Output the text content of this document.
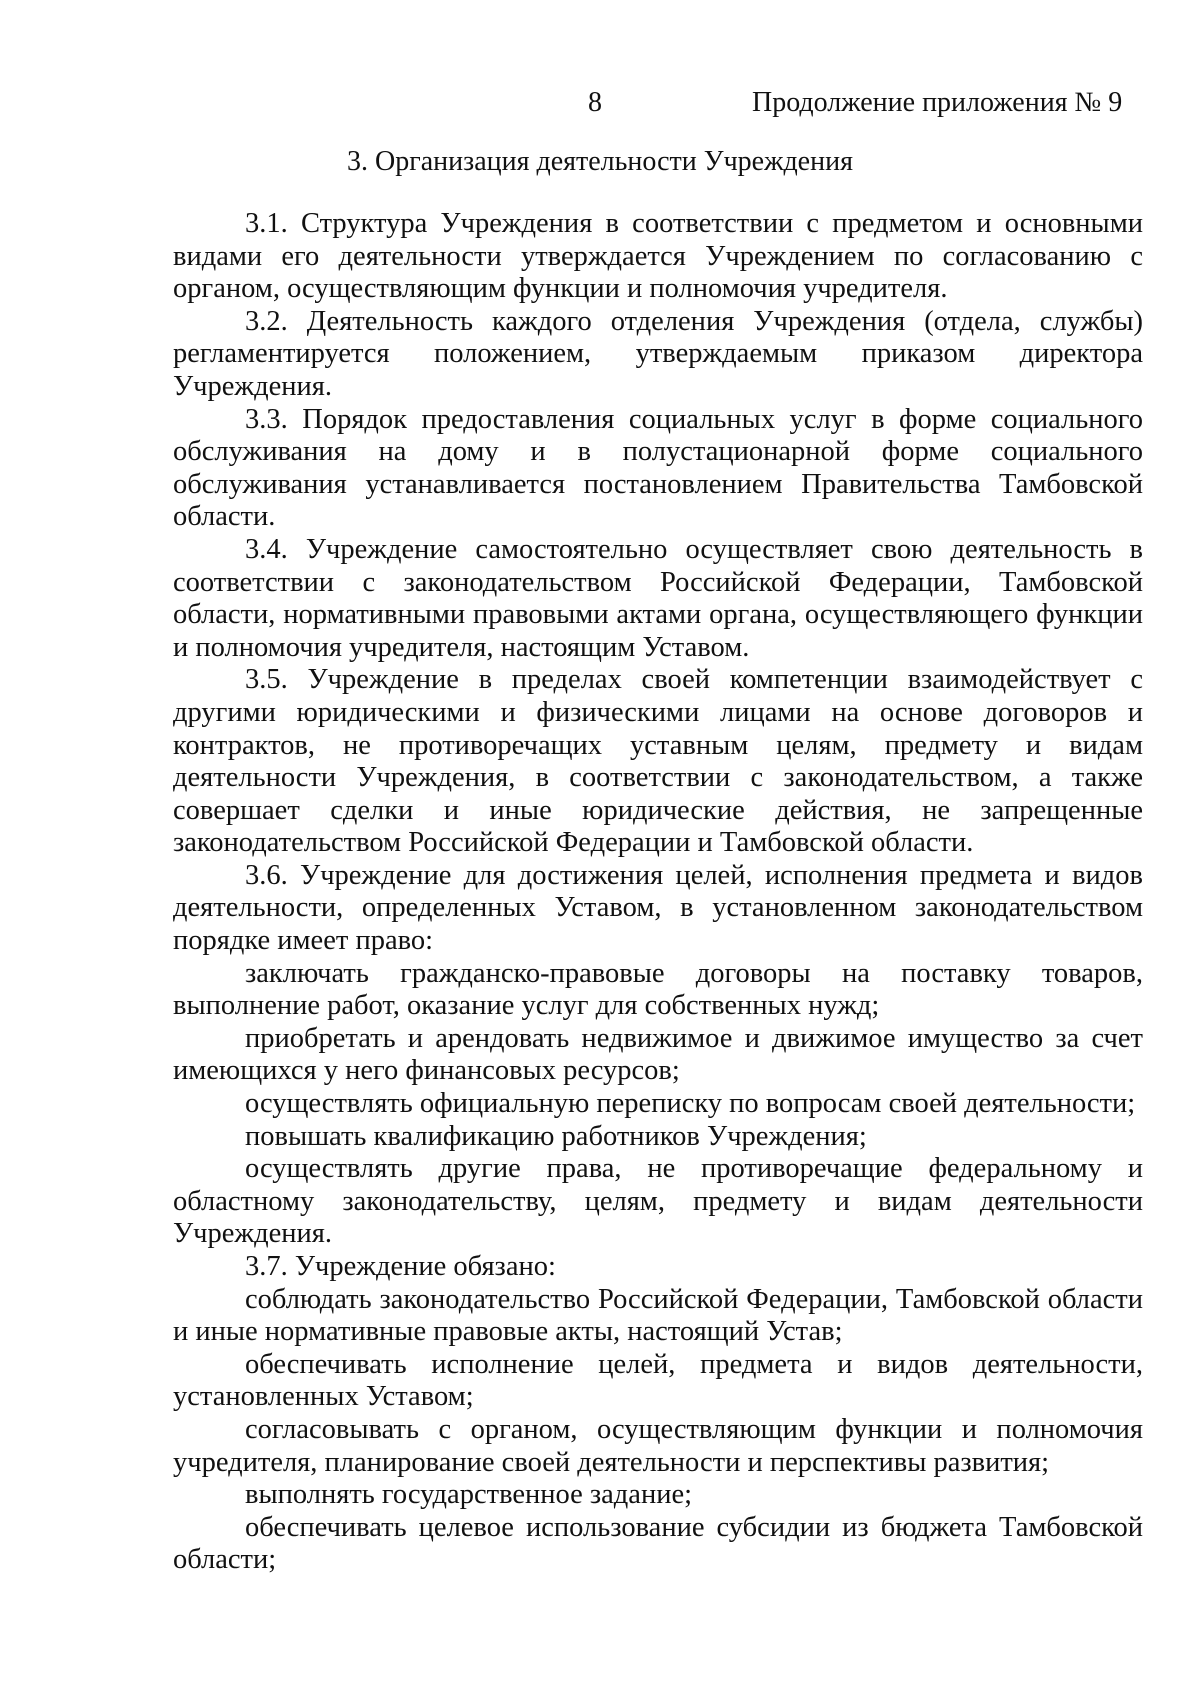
8	Продолжение приложения № 9
3. Организация деятельности Учреждения

3.1. Структура Учреждения в соответствии с предметом и основными видами его деятельности утверждается Учреждением по согласованию с органом, осуществляющим функции и полномочия учредителя.

3.2. Деятельность каждого отделения Учреждения (отдела, службы) регламентируется положением, утверждаемым приказом директора Учреждения.

3.3. Порядок предоставления социальных услуг в форме социального обслуживания на дому и в полустационарной форме социального обслуживания устанавливается постановлением Правительства Тамбовской области.

3.4. Учреждение самостоятельно осуществляет свою деятельность в соответствии с законодательством Российской Федерации, Тамбовской области, нормативными правовыми актами органа, осуществляющего функции и полномочия учредителя, настоящим Уставом.

3.5. Учреждение в пределах своей компетенции взаимодействует с другими юридическими и физическими лицами на основе договоров и контрактов, не противоречащих уставным целям, предмету и видам деятельности Учреждения, в соответствии с законодательством, а также совершает сделки и иные юридические действия, не запрещенные законодательством Российской Федерации и Тамбовской области.

3.6. Учреждение для достижения целей, исполнения предмета и видов деятельности, определенных Уставом, в установленном законодательством порядке имеет право:

заключать гражданско-правовые договоры на поставку товаров, выполнение работ, оказание услуг для собственных нужд;

приобретать и арендовать недвижимое и движимое имущество за счет имеющихся у него финансовых ресурсов;

осуществлять официальную переписку по вопросам своей деятельности;

повышать квалификацию работников Учреждения;

осуществлять другие права, не противоречащие федеральному и областному законодательству, целям, предмету и видам деятельности Учреждения.

3.7. Учреждение обязано:

соблюдать законодательство Российской Федерации, Тамбовской области и иные нормативные правовые акты, настоящий Устав;

обеспечивать исполнение целей, предмета и видов деятельности, установленных Уставом;

согласовывать с органом, осуществляющим функции и полномочия учредителя, планирование своей деятельности и перспективы развития;

выполнять государственное задание;

обеспечивать целевое использование субсидии из бюджета Тамбовской области;
